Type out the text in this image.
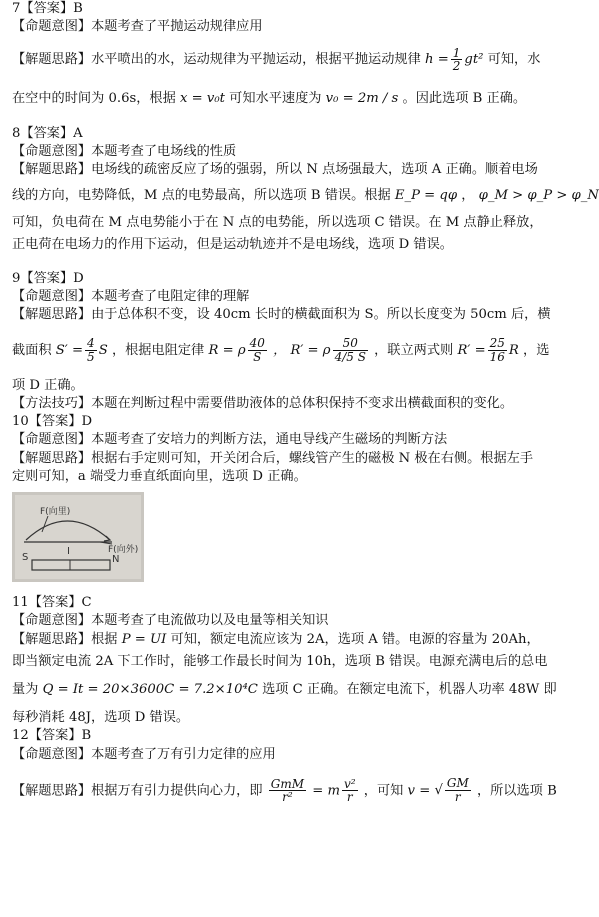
7【答案】B
【命题意图】本题考查了平抛运动规律应用
【解题思路】水平喷出的水，运动规律为平抛运动，根据平抛运动规律 $h = \frac{1}{2} gt^2$ 可知，水
在空中的时间为 0.6s，根据 x = v₀t 可知水平速度为 v₀ = 2m / s 。因此选项 B 正确。
8【答案】A
【命题意图】本题考查了电场线的性质
【解题思路】电场线的疏密反应了场的强弱，所以 N 点场强最大，选项 A 正确。顺着电场
线的方向，电势降低，M 点的电势最高，所以选项 B 错误。根据 E_P = qφ ， φ_M > φ_P > φ_N
可知，负电荷在 M 点电势能小于在 N 点的电势能，所以选项 C 错误。在 M 点静止释放，
正电荷在电场力的作用下运动，但是运动轨迹并不是电场线，选项 D 错误。
9【答案】D
【命题意图】本题考查了电阻定律的理解
【解题思路】由于总体积不变，设 40cm 长时的横截面积为 S。所以长度变为 50cm 后，横
截面积 $S' = \frac{4}{5}$ S ，根据电阻定律 R = ρ $\frac{40}{S}$ ， R′ = ρ $\frac{50}{4/5 S}$ ，联立两式则 $R' = \frac{25}{16}$ R ，选
项 D 正确。
【方法技巧】本题在判断过程中需要借助液体的总体积保持不变求出横截面积的变化。
10【答案】D
【命题意图】本题考查了安培力的判断方法，通电导线产生磁场的判断方法
【解题思路】根据右手定则可知，开关闭合后，螺线管产生的磁极 N 极在右侧。根据左手
定则可知，a 端受力垂直纸面向里，选项 D 正确。
F(向里)
F(向外)
I
S	N
11【答案】C
【命题意图】本题考查了电流做功以及电量等相关知识
【解题思路】根据 P = UI 可知，额定电流应该为 2A，选项 A 错。电源的容量为 20Ah，
即当额定电流 2A 下工作时，能够工作最长时间为 10h，选项 B 错误。电源充满电后的总电
量为 Q = It = 20×3600C = 7.2×10⁴C 选项 C 正确。在额定电流下，机器人功率 48W 即
每秒消耗 48J，选项 D 错误。
12【答案】B
【命题意图】本题考查了万有引力定律的应用
【解题思路】根据万有引力提供向心力，即 $\frac{\text{GmM}}{\text{r²}} = m \frac{\text{v²}}{r}$ ，可知 v = √ $\frac{GM}{r}$ ，所以选项 B
